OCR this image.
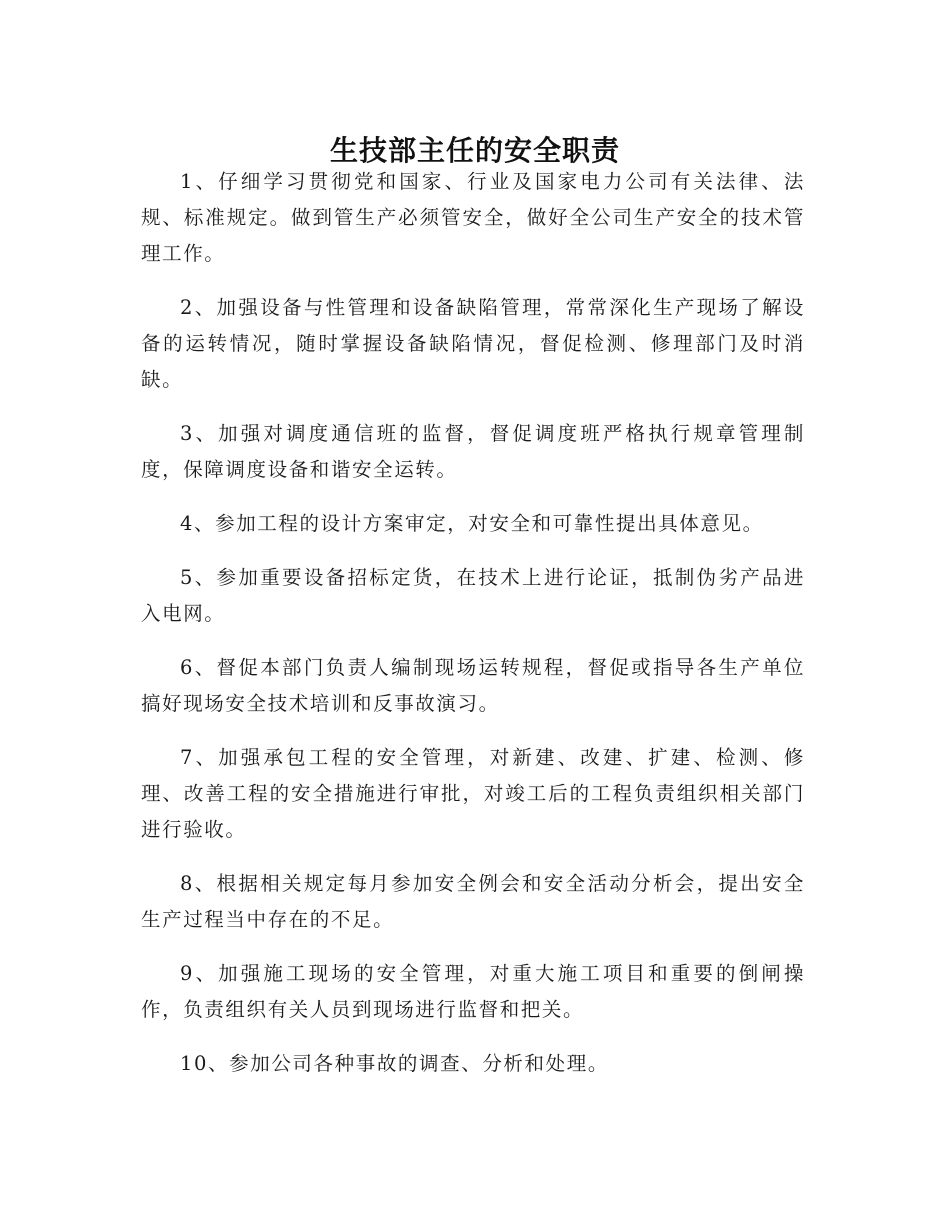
生技部主任的安全职责

1、仔细学习贯彻党和国家、行业及国家电力公司有关法律、法规、标准规定。做到管生产必须管安全，做好全公司生产安全的技术管理工作。

2、加强设备与性管理和设备缺陷管理，常常深化生产现场了解设备的运转情况，随时掌握设备缺陷情况，督促检测、修理部门及时消缺。

3、加强对调度通信班的监督，督促调度班严格执行规章管理制度，保障调度设备和谐安全运转。

4、参加工程的设计方案审定，对安全和可靠性提出具体意见。

5、参加重要设备招标定货，在技术上进行论证，抵制伪劣产品进入电网。

6、督促本部门负责人编制现场运转规程，督促或指导各生产单位搞好现场安全技术培训和反事故演习。

7、加强承包工程的安全管理，对新建、改建、扩建、检测、修理、改善工程的安全措施进行审批，对竣工后的工程负责组织相关部门进行验收。

8、根据相关规定每月参加安全例会和安全活动分析会，提出安全生产过程当中存在的不足。

9、加强施工现场的安全管理，对重大施工项目和重要的倒闸操作，负责组织有关人员到现场进行监督和把关。

10、参加公司各种事故的调查、分析和处理。
